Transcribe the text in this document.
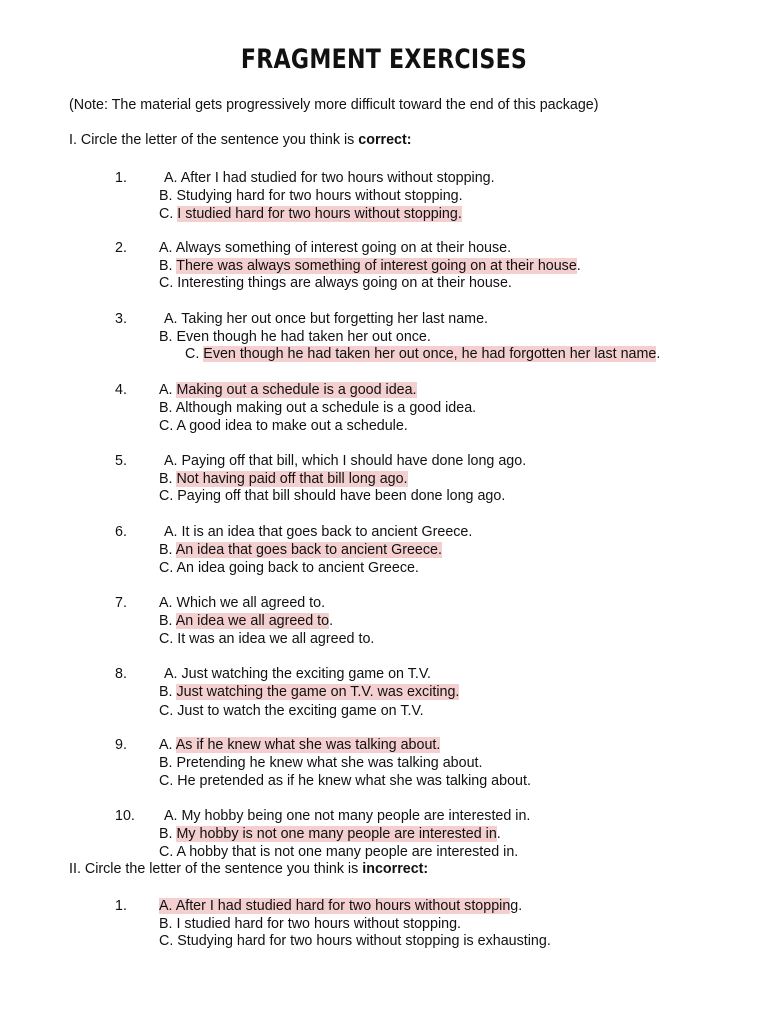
FRAGMENT EXERCISES
(Note: The material gets progressively more difficult toward the end of this package)
I. Circle the letter of the sentence you think is correct:
1.	A. After I had studied for two hours without stopping.
B. Studying hard for two hours without stopping.
C. I studied hard for two hours without stopping.
2. A. Always something of interest going on at their house.
B. There was always something of interest going on at their house.
C. Interesting things are always going on at their house.
3.	A. Taking her out once but forgetting her last name.
B. Even though he had taken her out once.
C. Even though he had taken her out once, he had forgotten her last name.
4. A. Making out a schedule is a good idea.
B. Although making out a schedule is a good idea.
C. A good idea to make out a schedule.
5.	A. Paying off that bill, which I should have done long ago.
B. Not having paid off that bill long ago.
C. Paying off that bill should have been done long ago.
6.	A. It is an idea that goes back to ancient Greece.
B. An idea that goes back to ancient Greece.
C. An idea going back to ancient Greece.
7. A. Which we all agreed to.
B. An idea we all agreed to.
C. It was an idea we all agreed to.
8.	A. Just watching the exciting game on T.V.
B. Just watching the game on T.V. was exciting.
C. Just to watch the exciting game on T.V.
9. A. As if he knew what she was talking about.
B. Pretending he knew what she was talking about.
C. He pretended as if he knew what she was talking about.
10. A. My hobby being one not many people are interested in.
B. My hobby is not one many people are interested in.
C. A hobby that is not one many people are interested in.
II. Circle the letter of the sentence you think is incorrect:
1. A. After I had studied hard for two hours without stopping.
B. I studied hard for two hours without stopping.
C. Studying hard for two hours without stopping is exhausting.
